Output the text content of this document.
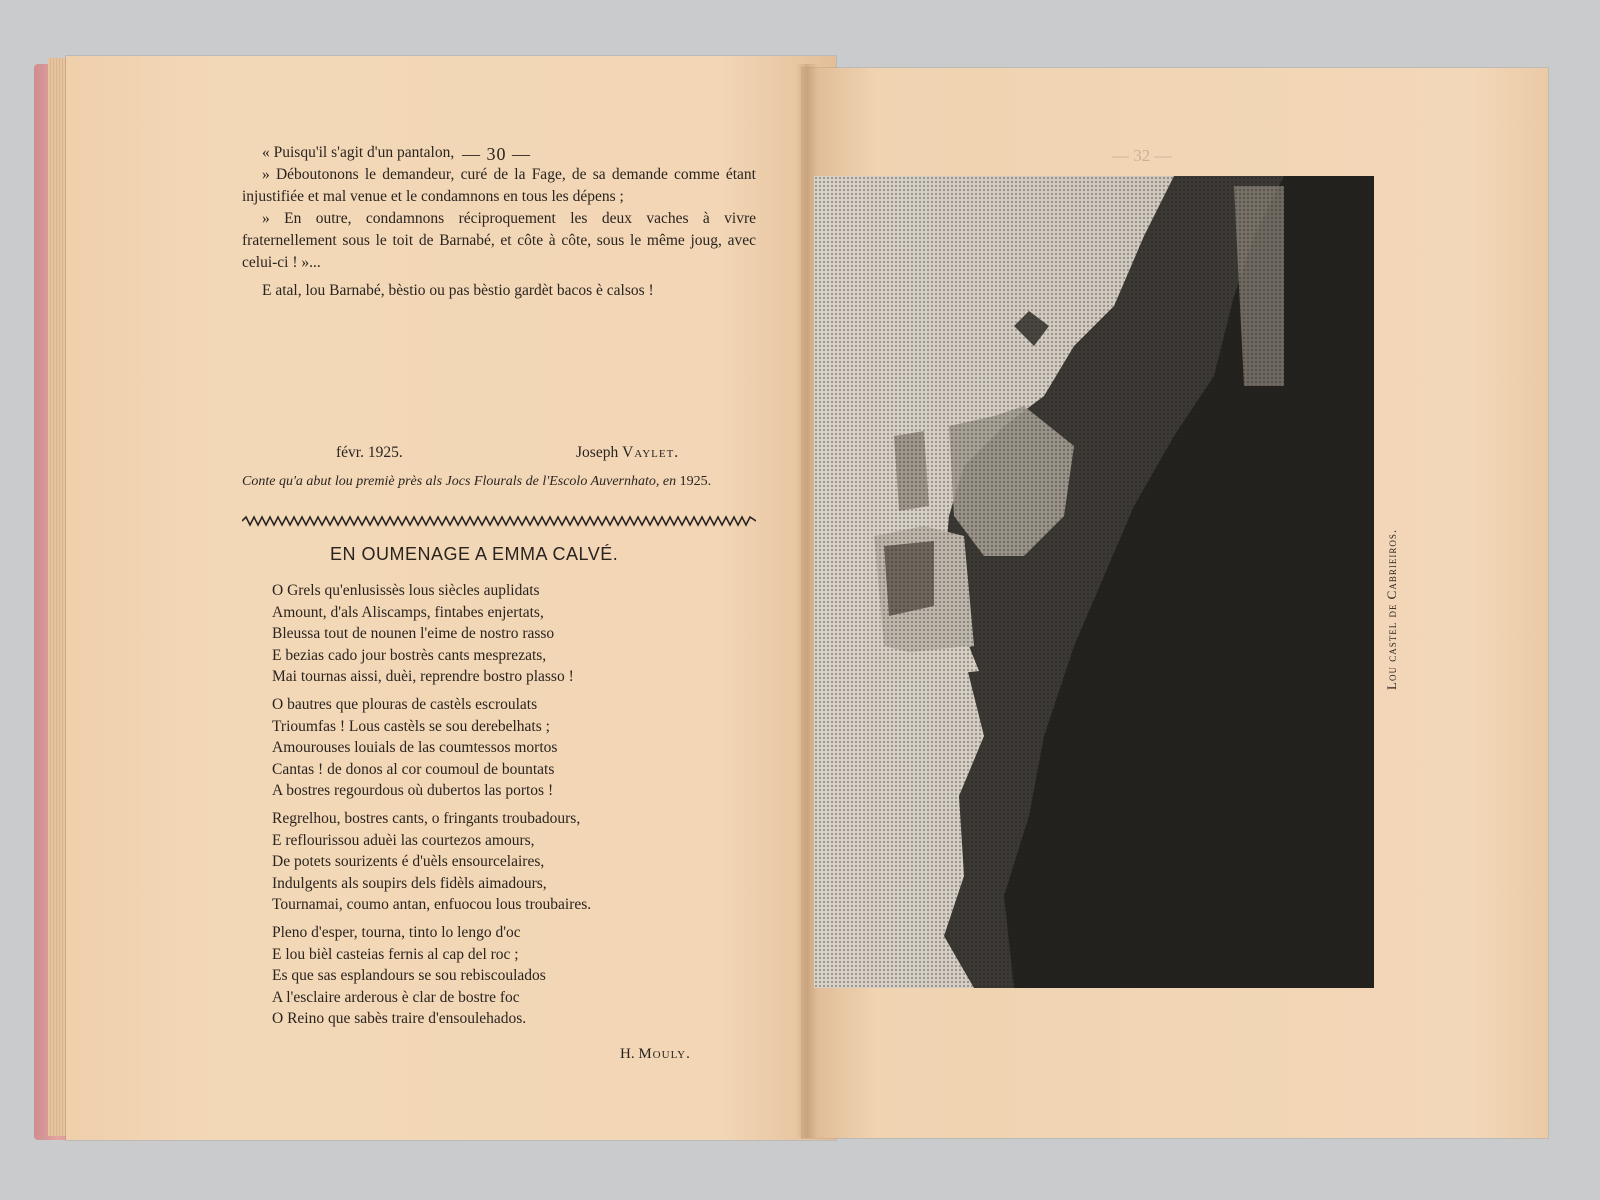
— 30 —

« Puisqu'il s'agit d'un pantalon,

» Déboutonons le demandeur, curé de la Fage, de sa demande comme étant injustifiée et mal venue et le condamnons en tous les dépens ;

» En outre, condamnons réciproquement les deux vaches à vivre fraternellement sous le toit de Barnabé, et côte à côte, sous le même joug, avec celui-ci ! »...

E atal, lou Barnabé, bèstio ou pas bèstio gardèt bacos è calsos !

févr. 1925.	Joseph Vaylet.
Conte qu'a abut lou premiè près als Jocs Flourals de l'Escolo Auvernhato, en 1925.
EN OUMENAGE A EMMA CALVÉ.
O Grels qu'enlusissès lous siècles auplidats
Amount, d'als Aliscamps, fintabes enjertats,
Bleussa tout de nounen l'eime de nostro rasso
E bezias cado jour bostrès cants mesprezats,
Mai tournas aissi, duèi, reprendre bostro plasso !
O bautres que plouras de castèls escroulats
Trioumfas ! Lous castèls se sou derebelhats ;
Amourouses louials de las coumtessos mortos
Cantas ! de donos al cor coumoul de bountats
A bostres regourdous où dubertos las portos !
Regrelhou, bostres cants, o fringants troubadours,
E reflourissou aduèi las courtezos amours,
De potets sourizents é d'uèls ensourcelaires,
Indulgents als soupirs dels fidèls aimadours,
Tournamai, coumo antan, enfuocou lous troubaires.
Pleno d'esper, tourna, tinto lo lengo d'oc
E lou bièl casteias fernis al cap del roc ;
Es que sas esplandours se sou rebiscoulados
A l'esclaire arderous è clar de bostre foc
O Reino que sabès traire d'ensoulehados.
H. Mouly.
— 32 —
Lou castel de Cabrieiros.
